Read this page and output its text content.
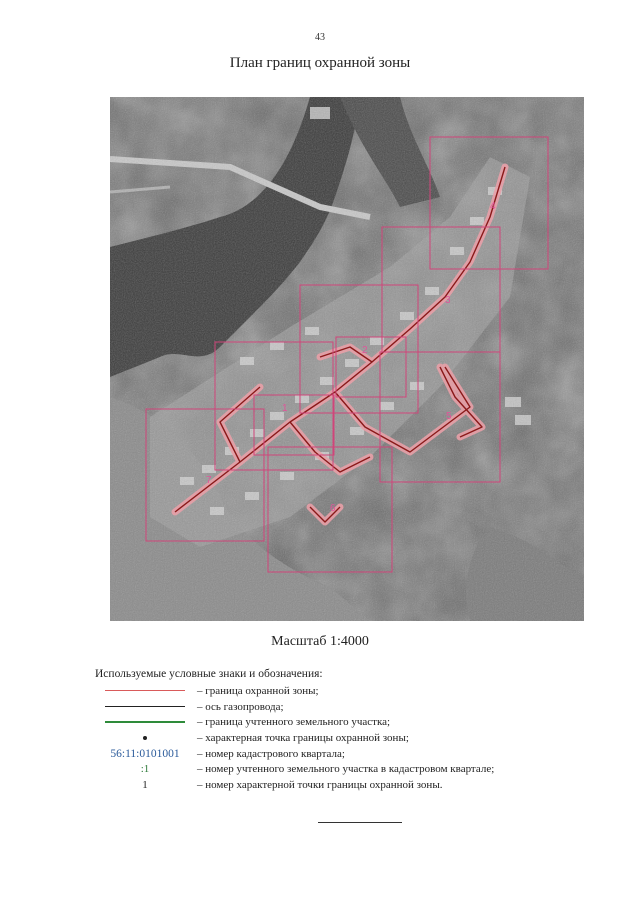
43
План границ охранной зоны
1
2
3
4
5
6
7
Масштаб 1:4000
Используемые условные знаки и обозначения:
– граница охранной зоны;
– ось газопровода;
– граница учтенного земельного участка;
– характерная точка границы охранной зоны;
56:11:0101001	– номер кадастрового квартала;
:1	– номер учтенного земельного участка в кадастровом квартале;
1	– номер характерной точки границы охранной зоны.
